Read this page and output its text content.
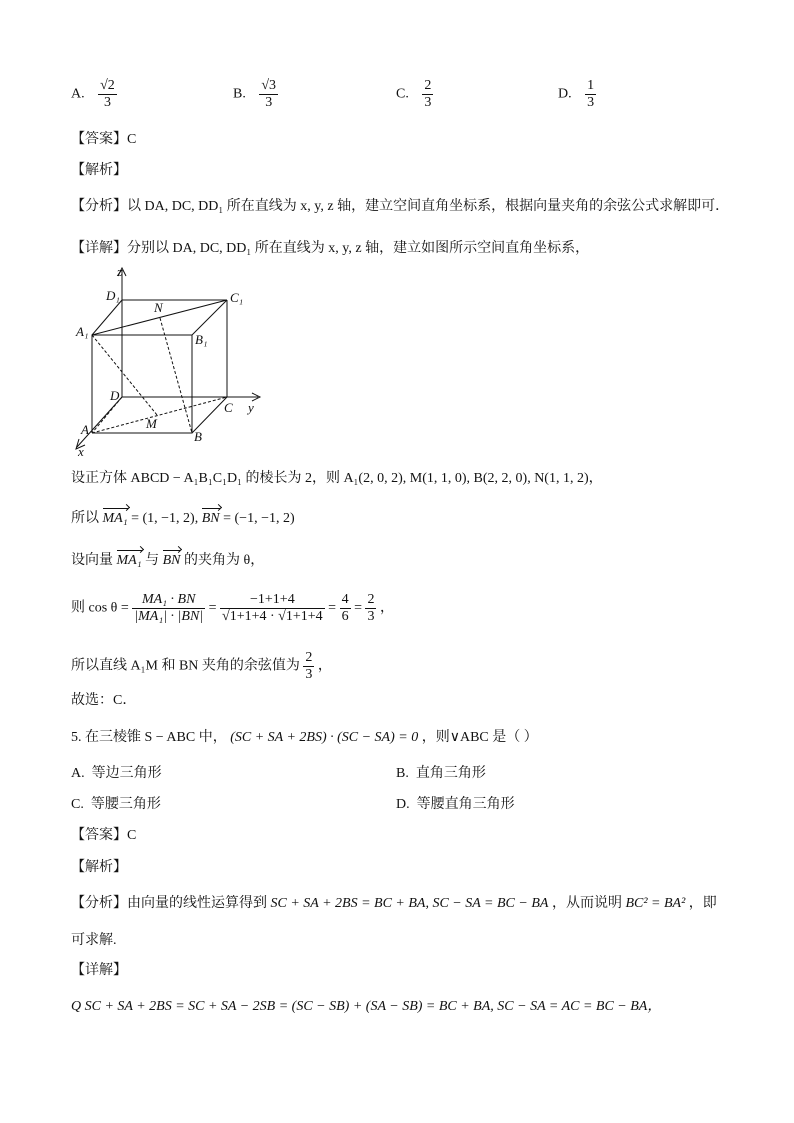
A. $\frac{√2}{3}$	B. $\frac{√3}{3}$	C. $\frac{2}{3}$	D. $\frac{1}{3}$
【答案】C
【解析】
【分析】以 DA, DC, DD₁ 所在直线为 x, y, z 轴，建立空间直角坐标系，根据向量夹角的余弦公式求解即可．
【详解】分别以 DA, DC, DD₁ 所在直线为 x, y, z 轴，建立如图所示空间直角坐标系，
z
x
y
D₁	C₁
N
A₁
B₁
D
C
M
A	B
设正方体 ABCD − A₁B₁C₁D₁ 的棱长为 2，则 A₁(2, 0, 2), M(1, 1, 0), B(2, 2, 0), N(1, 1, 2)，
所以 MA₁ = (1, −1, 2), BN = (−1, −1, 2)
设向量 MA₁ 与 BN 的夹角为 θ，
则 $\cos \theta = \frac{\text{MA₁ · BN}}{\text{|MA₁| · |BN|}} = \frac{-1+1+4}{√1+1+4 \cdot √1+1+4} = \frac{4}{6} = \frac{2}{3}$ ，
所以直线 A₁M 和 BN 夹角的余弦值为 $\frac{2}{3}$ ，
故选：C．
5. 在三棱锥 S − ABC 中， (SC + SA + 2BS) · (SC − SA) = 0 ，则∨ABC 是（ ）
A. 等边三角形	B. 直角三角形
C. 等腰三角形	D. 等腰直角三角形
【答案】C
【解析】
【分析】由向量的线性运算得到 SC + SA + 2BS = BC + BA, SC − SA = BC − BA ，从而说明 BC² = BA² ，即
可求解.
【详解】
Q SC + SA + 2BS = SC + SA − 2SB = (SC − SB) + (SA − SB) = BC + BA, SC − SA = AC = BC − BA，
